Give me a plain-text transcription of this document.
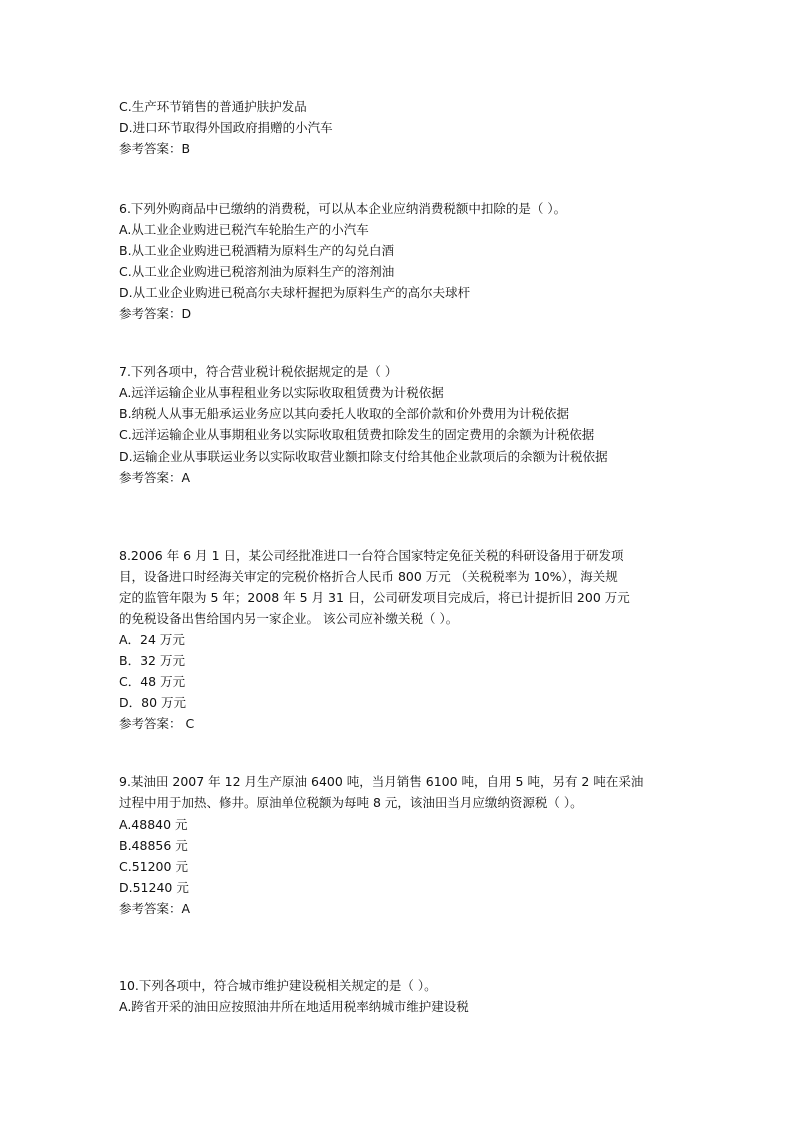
C.生产环节销售的普通护肤护发品
D.进口环节取得外国政府捐赠的小汽车
参考答案：B
6.下列外购商品中已缴纳的消费税，可以从本企业应纳消费税额中扣除的是（ ）。
A.从工业企业购进已税汽车轮胎生产的小汽车
B.从工业企业购进已税酒精为原料生产的勾兑白酒
C.从工业企业购进已税溶剂油为原料生产的溶剂油
D.从工业企业购进已税高尔夫球杆握把为原料生产的高尔夫球杆
参考答案：D
7.下列各项中，符合营业税计税依据规定的是（ ）
A.远洋运输企业从事程租业务以实际收取租赁费为计税依据
B.纳税人从事无船承运业务应以其向委托人收取的全部价款和价外费用为计税依据
C.远洋运输企业从事期租业务以实际收取租赁费扣除发生的固定费用的余额为计税依据
D.运输企业从事联运业务以实际收取营业额扣除支付给其他企业款项后的余额为计税依据
参考答案：A
8.2006 年 6 月 1 日，某公司经批准进口一台符合国家特定免征关税的科研设备用于研发项
目，设备进口时经海关审定的完税价格折合人民币 800 万元 （关税税率为 10%），海关规
定的监管年限为 5 年；2008 年 5 月 31 日，公司研发项目完成后，将已计提折旧 200 万元
的免税设备出售给国内另一家企业。 该公司应补缴关税（ ）。
A．24 万元
B．32 万元
C．48 万元
D．80 万元
参考答案： C
9.某油田 2007 年 12 月生产原油 6400 吨，当月销售 6100 吨，自用 5 吨，另有 2 吨在采油
过程中用于加热、修井。原油单位税额为每吨 8 元，该油田当月应缴纳资源税（ ）。
A.48840 元
B.48856 元
C.51200 元
D.51240 元
参考答案：A
10.下列各项中，符合城市维护建设税相关规定的是（ ）。
A.跨省开采的油田应按照油井所在地适用税率纳城市维护建设税
